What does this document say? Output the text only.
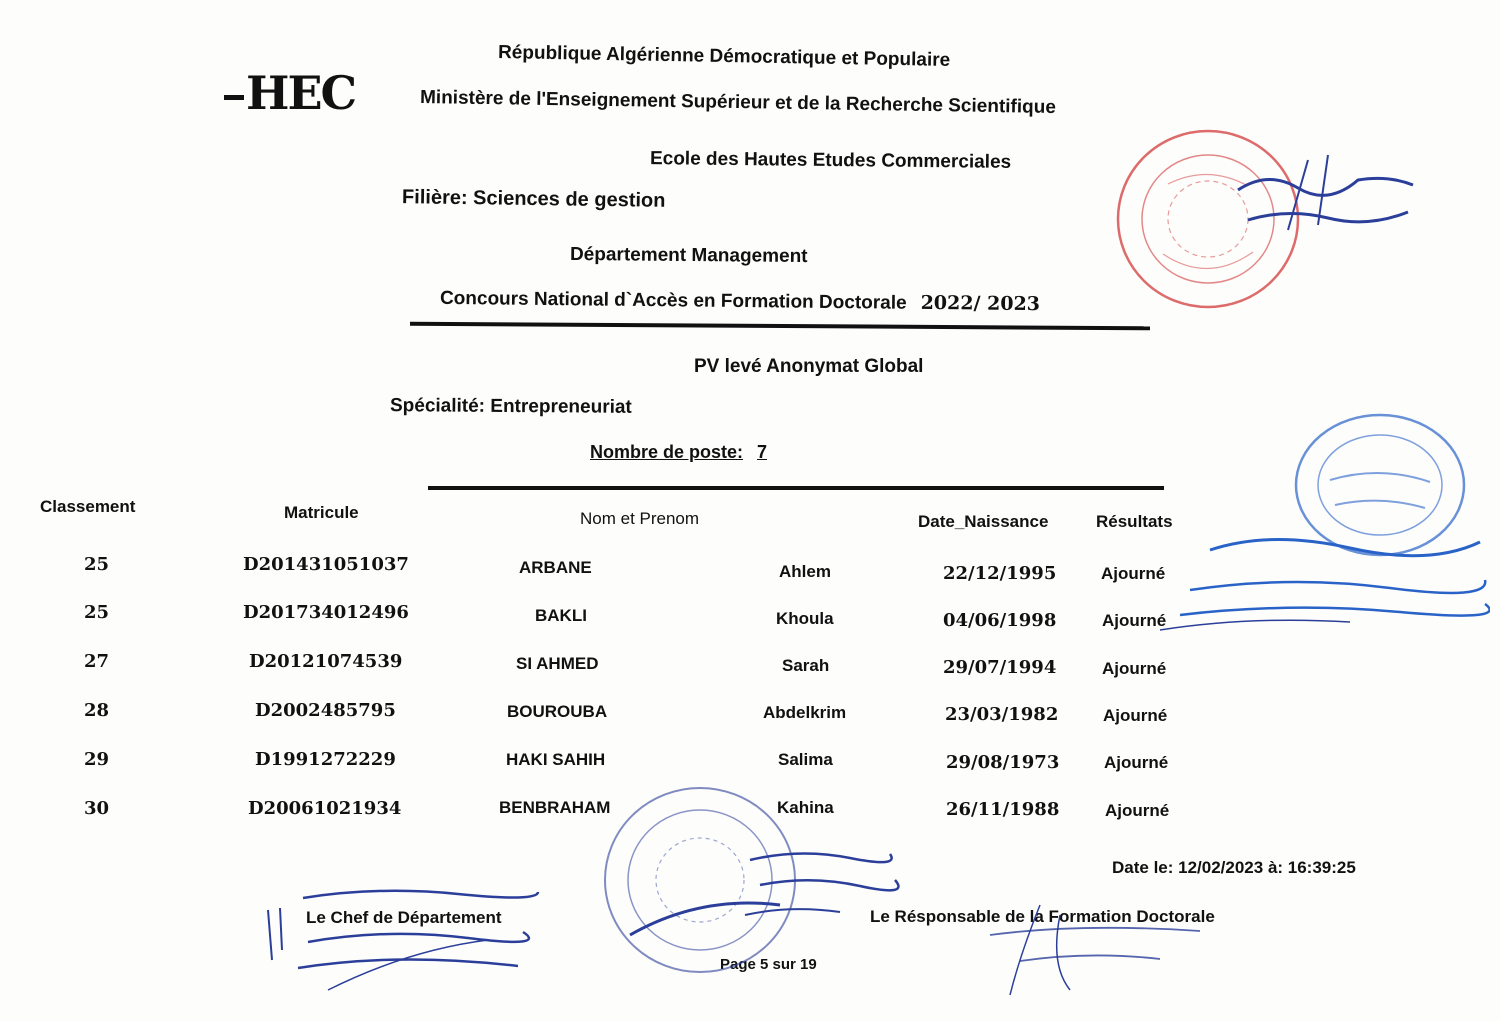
HEC
République Algérienne Démocratique et Populaire
Ministère de l'Enseignement Supérieur et de la Recherche Scientifique
Ecole des Hautes Etudes Commerciales
Filière: Sciences de gestion
Département Management
Concours National d`Accès en Formation Doctorale 2022/ 2023
PV levé Anonymat Global
Spécialité: Entrepreneuriat
Nombre de poste: 7
Classement	Matricule	Nom et Prenom	Date_Naissance	Résultats
25	D201431051037	ARBANE	Ahlem	22/12/1995	Ajourné
25	D201734012496	BAKLI	Khoula	04/06/1998	Ajourné
27	D20121074539	SI AHMED	Sarah	29/07/1994	Ajourné
28	D2002485795	BOUROUBA	Abdelkrim	23/03/1982	Ajourné
29	D1991272229	HAKI SAHIH	Salima	29/08/1973	Ajourné
30	D20061021934	BENBRAHAM	Kahina	26/11/1988	Ajourné
Date le: 12/02/2023 à: 16:39:25
Le Chef de Département	Le Résponsable de la Formation Doctorale
Page 5 sur 19
